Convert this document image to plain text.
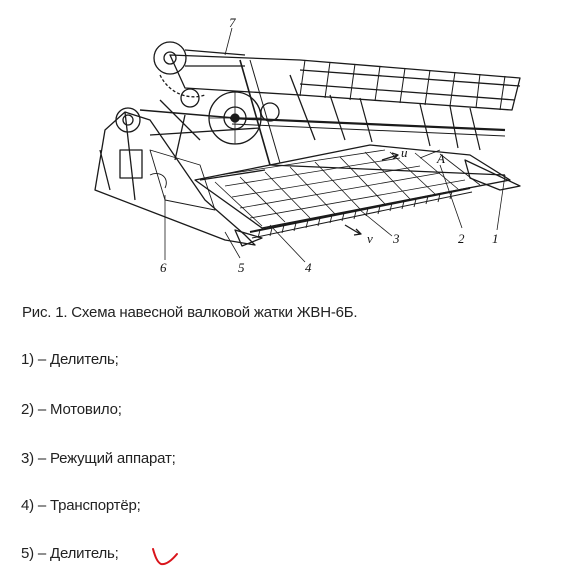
7
1
2
3
4
5
6
A
u
v
Рис. 1. Схема навесной валковой жатки ЖВН-6Б.
1) – Делитель;
2) – Мотовило;
3) – Режущий аппарат;
4) – Транспортёр;
5) – Делитель;
